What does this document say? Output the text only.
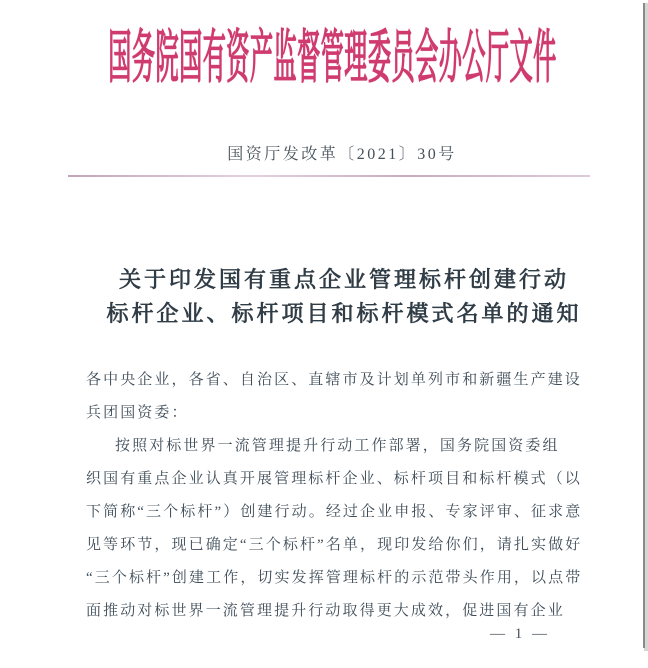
国务院国有资产监督管理委员会办公厅文件
国资厅发改革〔2021〕30号
关于印发国有重点企业管理标杆创建行动
标杆企业、标杆项目和标杆模式名单的通知
各中央企业，各省、自治区、直辖市及计划单列市和新疆生产建设
兵团国资委：
按照对标世界一流管理提升行动工作部署，国务院国资委组
织国有重点企业认真开展管理标杆企业、标杆项目和标杆模式（以
下简称“三个标杆”）创建行动。经过企业申报、专家评审、征求意
见等环节，现已确定“三个标杆”名单，现印发给你们，请扎实做好
“三个标杆”创建工作，切实发挥管理标杆的示范带头作用，以点带
面推动对标世界一流管理提升行动取得更大成效，促进国有企业
— 1 —
